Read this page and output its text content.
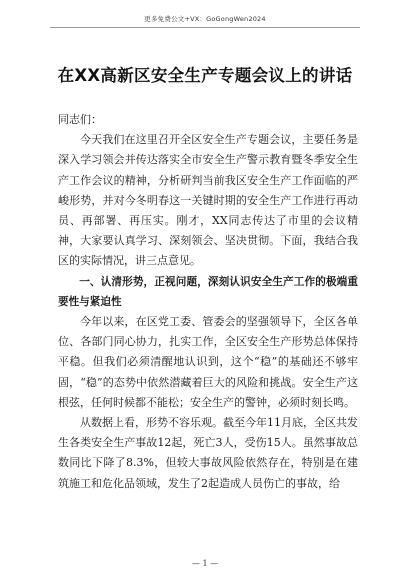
更多免费公文+VX：GoGongWen2024
在XX高新区安全生产专题会议上的讲话

同志们：

今天我们在这里召开全区安全生产专题会议，主要任务是深入学习领会并传达落实全市安全生产警示教育暨冬季安全生产工作会议的精神，分析研判当前我区安全生产工作面临的严峻形势，并对今冬明春这一关键时期的安全生产工作进行再动员、再部署、再压实。刚才，XX同志传达了市里的会议精神，大家要认真学习、深刻领会、坚决贯彻。下面，我结合我区的实际情况，讲三点意见。

一、认清形势，正视问题，深刻认识安全生产工作的极端重要性与紧迫性

今年以来，在区党工委、管委会的坚强领导下，全区各单位、各部门同心协力，扎实工作，全区安全生产形势总体保持平稳。但我们必须清醒地认识到，这个“稳”的基础还不够牢固，“稳”的态势中依然潜藏着巨大的风险和挑战。安全生产这根弦，任何时候都不能松；安全生产的警钟，必须时刻长鸣。

从数据上看，形势不容乐观。截至今年11月底，全区共发生各类安全生产事故12起，死亡3人，受伤15人。虽然事故总数同比下降了8.3%，但较大事故风险依然存在，特别是在建筑施工和危化品领域，发生了2起造成人员伤亡的事故，给

— 1 —
